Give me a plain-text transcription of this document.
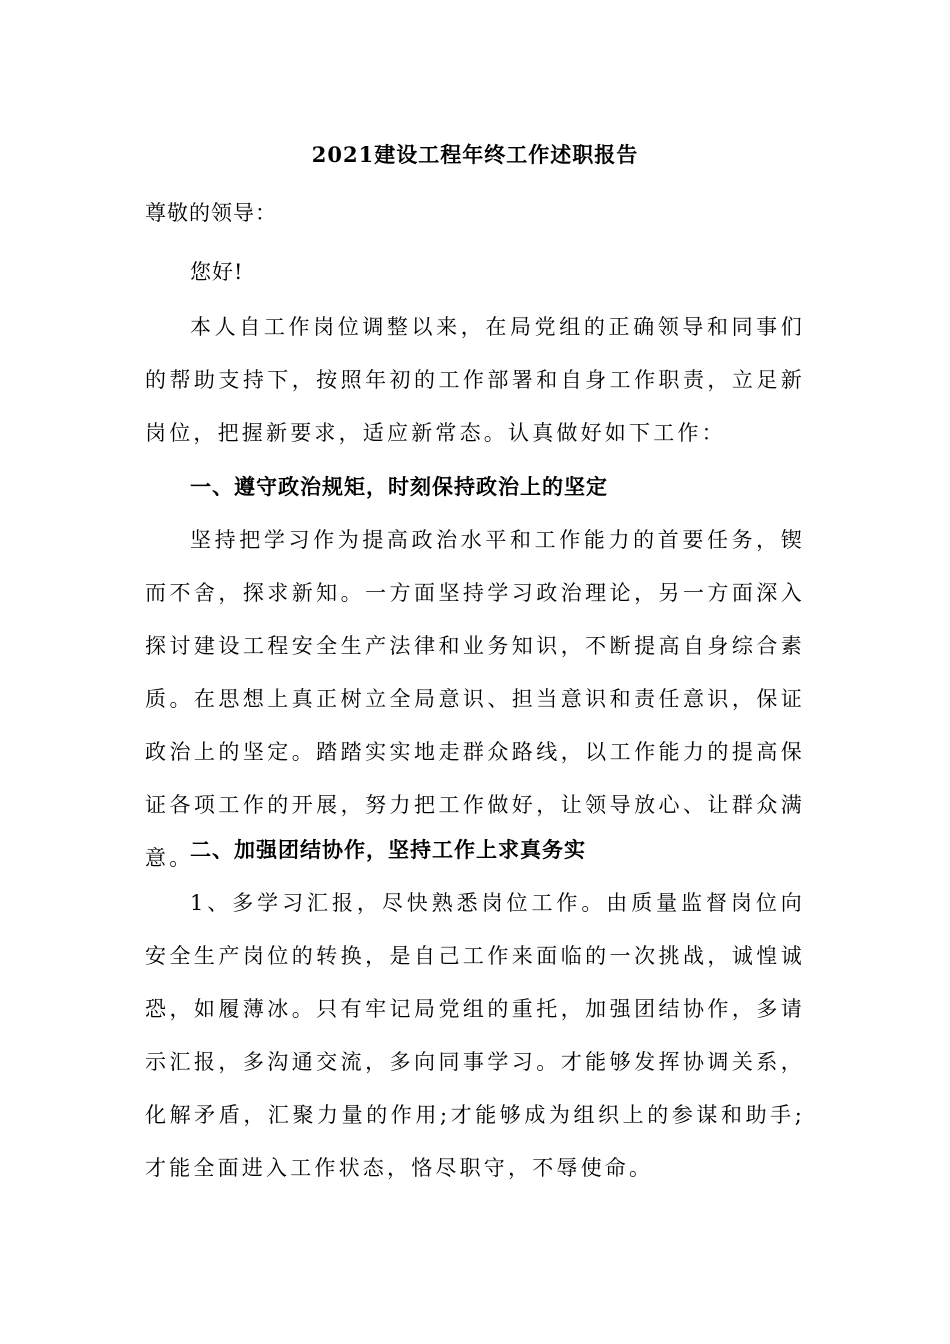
2021建设工程年终工作述职报告
尊敬的领导：
您好!
本人自工作岗位调整以来，在局党组的正确领导和同事们的帮助支持下，按照年初的工作部署和自身工作职责，立足新岗位，把握新要求，适应新常态。认真做好如下工作：
一、遵守政治规矩，时刻保持政治上的坚定
坚持把学习作为提高政治水平和工作能力的首要任务，锲而不舍，探求新知。一方面坚持学习政治理论，另一方面深入探讨建设工程安全生产法律和业务知识，不断提高自身综合素质。在思想上真正树立全局意识、担当意识和责任意识，保证政治上的坚定。踏踏实实地走群众路线，以工作能力的提高保证各项工作的开展，努力把工作做好，让领导放心、让群众满意。
二、加强团结协作，坚持工作上求真务实
1、多学习汇报，尽快熟悉岗位工作。由质量监督岗位向安全生产岗位的转换，是自己工作来面临的一次挑战，诚惶诚恐，如履薄冰。只有牢记局党组的重托，加强团结协作，多请示汇报，多沟通交流，多向同事学习。才能够发挥协调关系，化解矛盾，汇聚力量的作用;才能够成为组织上的参谋和助手;才能全面进入工作状态，恪尽职守，不辱使命。
